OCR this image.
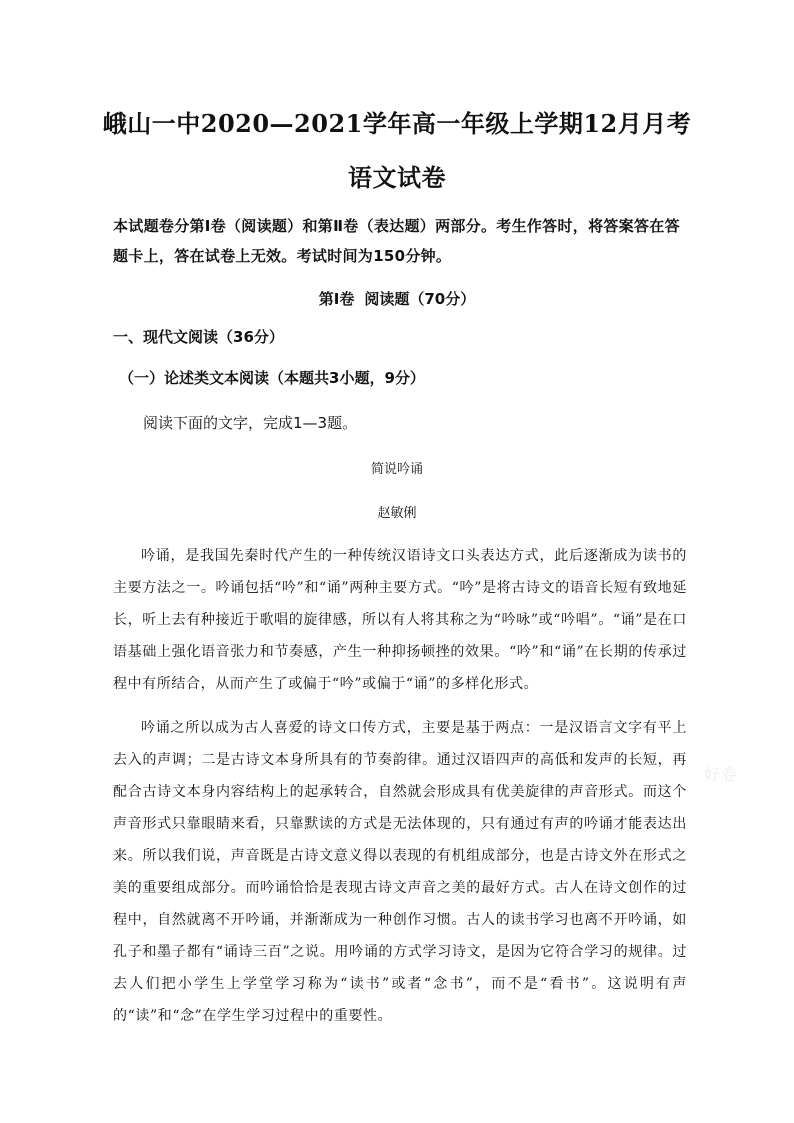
峨山一中2020—2021学年高一年级上学期12月月考
语文试卷
本试题卷分第Ⅰ卷（阅读题）和第Ⅱ卷（表达题）两部分。考生作答时，将答案答在答题卡上，答在试卷上无效。考试时间为150分钟。
第Ⅰ卷 阅读题（70分）
一、现代文阅读（36分）
（一）论述类文本阅读（本题共3小题，9分）
阅读下面的文字，完成1—3题。
简说吟诵
赵敏俐
吟诵，是我国先秦时代产生的一种传统汉语诗文口头表达方式，此后逐渐成为读书的主要方法之一。吟诵包括“吟”和“诵”两种主要方式。“吟”是将古诗文的语音长短有致地延长，听上去有种接近于歌唱的旋律感，所以有人将其称之为“吟咏”或“吟唱”。“诵”是在口语基础上强化语音张力和节奏感，产生一种抑扬顿挫的效果。“吟”和“诵”在长期的传承过程中有所结合，从而产生了或偏于“吟”或偏于“诵”的多样化形式。
吟诵之所以成为古人喜爱的诗文口传方式，主要是基于两点：一是汉语言文字有平上去入的声调；二是古诗文本身所具有的节奏韵律。通过汉语四声的高低和发声的长短，再配合古诗文本身内容结构上的起承转合，自然就会形成具有优美旋律的声音形式。而这个声音形式只靠眼睛来看，只靠默读的方式是无法体现的，只有通过有声的吟诵才能表达出来。所以我们说，声音既是古诗文意义得以表现的有机组成部分，也是古诗文外在形式之美的重要组成部分。而吟诵恰恰是表现古诗文声音之美的最好方式。古人在诗文创作的过程中，自然就离不开吟诵，并渐渐成为一种创作习惯。古人的读书学习也离不开吟诵，如孔子和墨子都有“诵诗三百”之说。用吟诵的方式学习诗文，是因为它符合学习的规律。过去人们把小学生上学堂学习称为“读书”或者“念书”，而不是“看书”。这说明有声的“读”和“念”在学生学习过程中的重要性。
好卷
